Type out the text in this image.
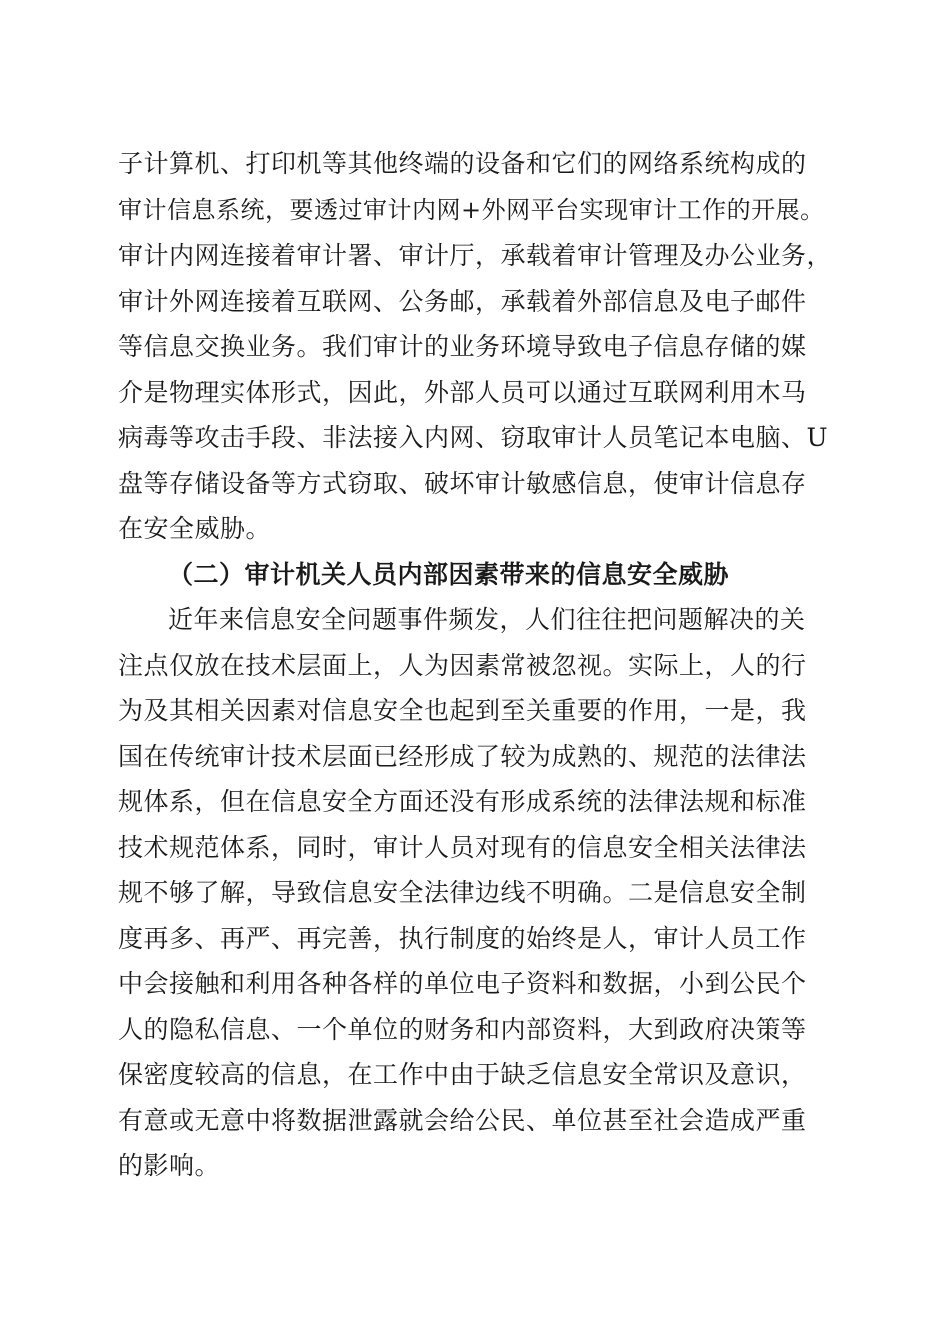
子计算机、打印机等其他终端的设备和它们的网络系统构成的

审计信息系统，要透过审计内网+外网平台实现审计工作的开展。

审计内网连接着审计署、审计厅，承载着审计管理及办公业务，

审计外网连接着互联网、公务邮，承载着外部信息及电子邮件

等信息交换业务。我们审计的业务环境导致电子信息存储的媒

介是物理实体形式，因此，外部人员可以通过互联网利用木马

病毒等攻击手段、非法接入内网、窃取审计人员笔记本电脑、U

盘等存储设备等方式窃取、破坏审计敏感信息，使审计信息存

在安全威胁。

（二）审计机关人员内部因素带来的信息安全威胁

近年来信息安全问题事件频发，人们往往把问题解决的关

注点仅放在技术层面上，人为因素常被忽视。实际上，人的行

为及其相关因素对信息安全也起到至关重要的作用，一是，我

国在传统审计技术层面已经形成了较为成熟的、规范的法律法

规体系，但在信息安全方面还没有形成系统的法律法规和标准

技术规范体系，同时，审计人员对现有的信息安全相关法律法

规不够了解，导致信息安全法律边线不明确。二是信息安全制

度再多、再严、再完善，执行制度的始终是人，审计人员工作

中会接触和利用各种各样的单位电子资料和数据，小到公民个

人的隐私信息、一个单位的财务和内部资料，大到政府决策等

保密度较高的信息，在工作中由于缺乏信息安全常识及意识，

有意或无意中将数据泄露就会给公民、单位甚至社会造成严重

的影响。
